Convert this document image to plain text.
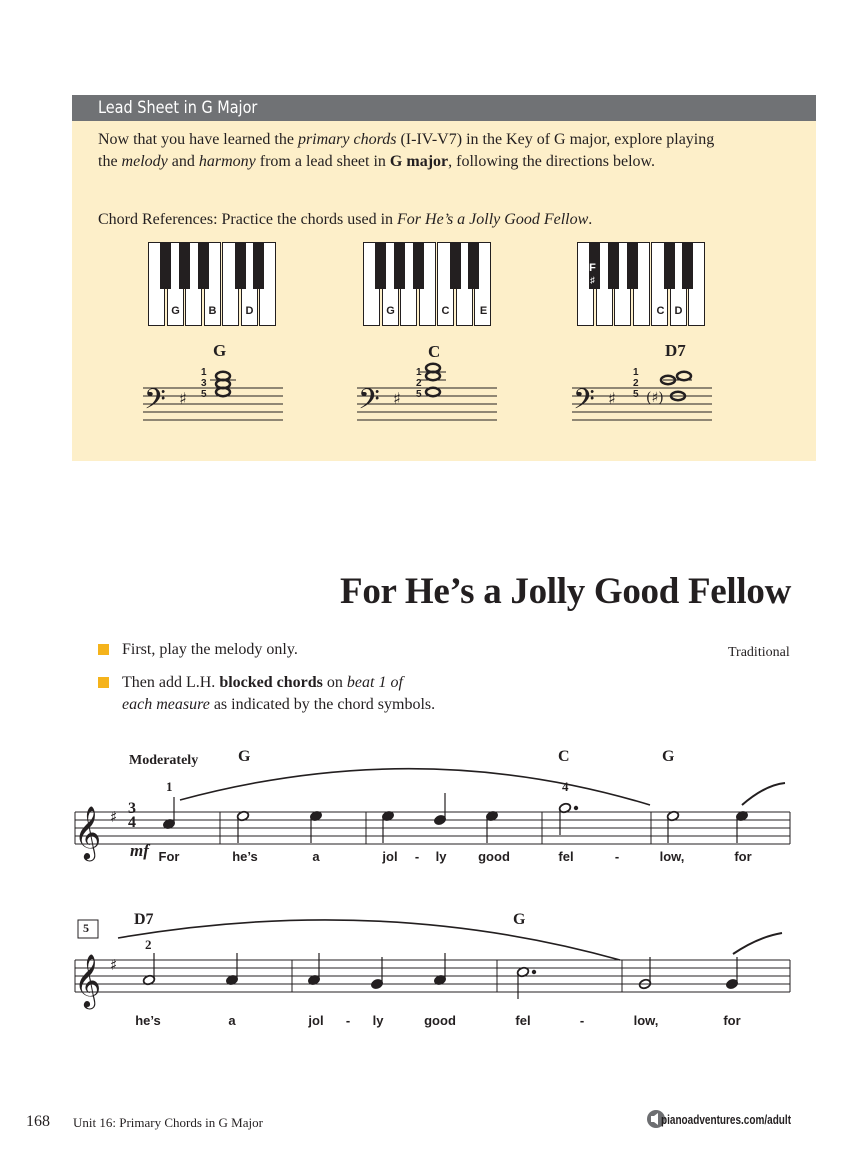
Lead Sheet in G Major
Now that you have learned the primary chords (I-IV-V7) in the Key of G major, explore playing
the melody and harmony from a lead sheet in G major, following the directions below.
Chord References: Practice the chords used in For He’s a Jolly Good Fellow.
G	B	D	G	C	E
F
♯
C D
G	C	D7
𝄢 ♯	𝄢 ♯	𝄢 ♯ (♯)
𝄞 ♯
𝄞 ♯
1
3
5
1
2
5
1
2
5
For He’s a Jolly Good Fellow
First, play the melody only.	Traditional
Then add L.H. blocked chords on beat 1 of
each measure as indicated by the chord symbols.
Moderately G	C	G
1	4
3
4
mf For	he’s	a	jol - ly good	fel	-	low,	for
5	D7	G
2
he’s	a	jol - ly	good	fel	-	low,	for
168 Unit 16: Primary Chords in G Major	pianoadventures.com/adult
